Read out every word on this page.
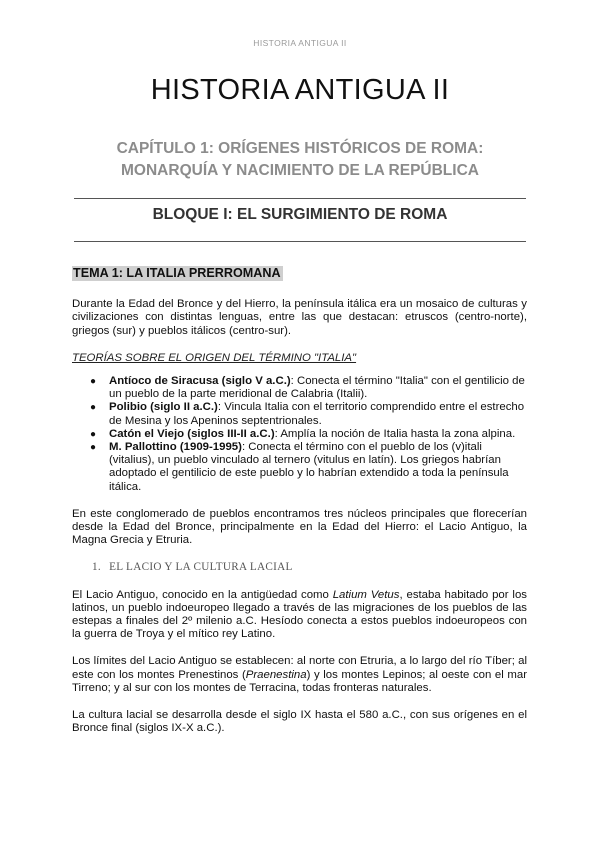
HISTORIA ANTIGUA II
HISTORIA ANTIGUA II
CAPÍTULO 1: ORÍGENES HISTÓRICOS DE ROMA:
MONARQUÍA Y NACIMIENTO DE LA REPÚBLICA
BLOQUE I: EL SURGIMIENTO DE ROMA
TEMA 1: LA ITALIA PRERROMANA

Durante la Edad del Bronce y del Hierro, la península itálica era un mosaico de culturas y civilizaciones con distintas lenguas, entre las que destacan: etruscos (centro-norte), griegos (sur) y pueblos itálicos (centro-sur).

TEORÍAS SOBRE EL ORIGEN DEL TÉRMINO "ITALIA"

● Antíoco de Siracusa (siglo V a.C.): Conecta el término "Italia" con el gentilicio de un pueblo de la parte meridional de Calabria (Italii).
● Polibio (siglo II a.C.): Vincula Italia con el territorio comprendido entre el estrecho de Mesina y los Apeninos septentrionales.
● Catón el Viejo (siglos III-II a.C.): Amplía la noción de Italia hasta la zona alpina.
● M. Pallottino (1909-1995): Conecta el término con el pueblo de los (v)itali (vitalius), un pueblo vinculado al ternero (vitulus en latín). Los griegos habrían adoptado el gentilicio de este pueblo y lo habrían extendido a toda la península itálica.

En este conglomerado de pueblos encontramos tres núcleos principales que florecerían desde la Edad del Bronce, principalmente en la Edad del Hierro: el Lacio Antiguo, la Magna Grecia y Etruria.

1. EL LACIO Y LA CULTURA LACIAL

El Lacio Antiguo, conocido en la antigüedad como Latium Vetus, estaba habitado por los latinos, un pueblo indoeuropeo llegado a través de las migraciones de los pueblos de las estepas a finales del 2º milenio a.C. Hesíodo conecta a estos pueblos indoeuropeos con la guerra de Troya y el mítico rey Latino.

Los límites del Lacio Antiguo se establecen: al norte con Etruria, a lo largo del río Tíber; al este con los montes Prenestinos (Praenestina) y los montes Lepinos; al oeste con el mar Tirreno; y al sur con los montes de Terracina, todas fronteras naturales.

La cultura lacial se desarrolla desde el siglo IX hasta el 580 a.C., con sus orígenes en el Bronce final (siglos IX-X a.C.).
